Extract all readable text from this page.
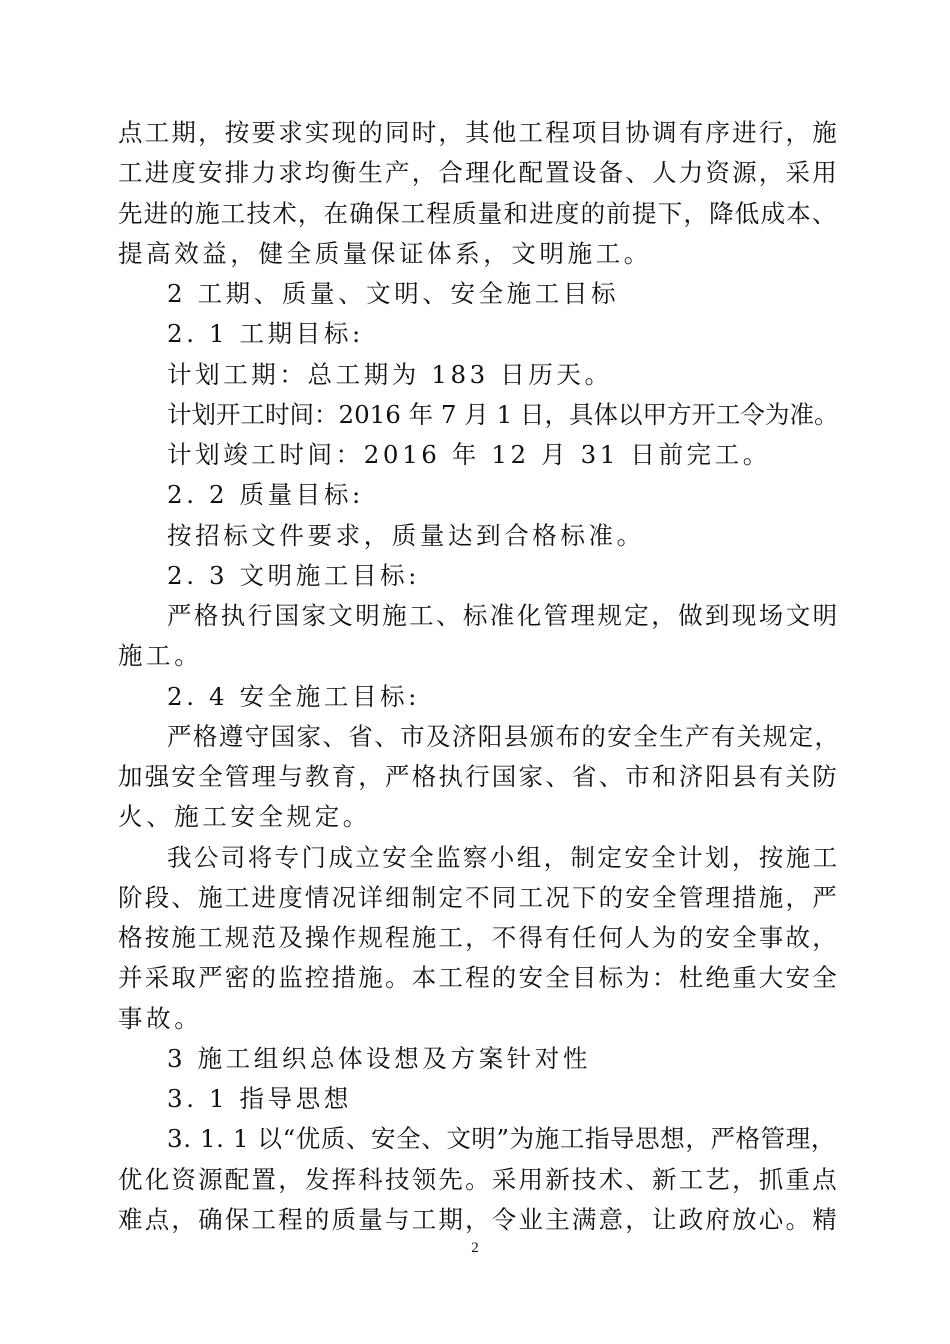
点工期，按要求实现的同时，其他工程项目协调有序进行，施
工进度安排力求均衡生产，合理化配置设备、人力资源，采用
先进的施工技术，在确保工程质量和进度的前提下，降低成本、
提高效益，健全质量保证体系，文明施工。
2 工期、质量、文明、安全施工目标
2. 1 工期目标:
计划工期：总工期为 183 日历天。
计划开工时间：2016 年 7 月 1 日，具体以甲方开工令为准。
计划竣工时间：2016 年 12 月 31 日前完工。
2. 2 质量目标:
按招标文件要求，质量达到合格标准。
2. 3 文明施工目标:
严格执行国家文明施工、标准化管理规定，做到现场文明
施工。
2. 4 安全施工目标:
严格遵守国家、省、市及济阳县颁布的安全生产有关规定，
加强安全管理与教育，严格执行国家、省、市和济阳县有关防
火、施工安全规定。
我公司将专门成立安全监察小组，制定安全计划，按施工
阶段、施工进度情况详细制定不同工况下的安全管理措施，严
格按施工规范及操作规程施工，不得有任何人为的安全事故，
并采取严密的监控措施。本工程的安全目标为：杜绝重大安全
事故。
3 施工组织总体设想及方案针对性
3. 1 指导思想
3. 1. 1 以“优质、安全、文明”为施工指导思想，严格管理，
优化资源配置，发挥科技领先。采用新技术、新工艺，抓重点
难点，确保工程的质量与工期，令业主满意，让政府放心。精
2
